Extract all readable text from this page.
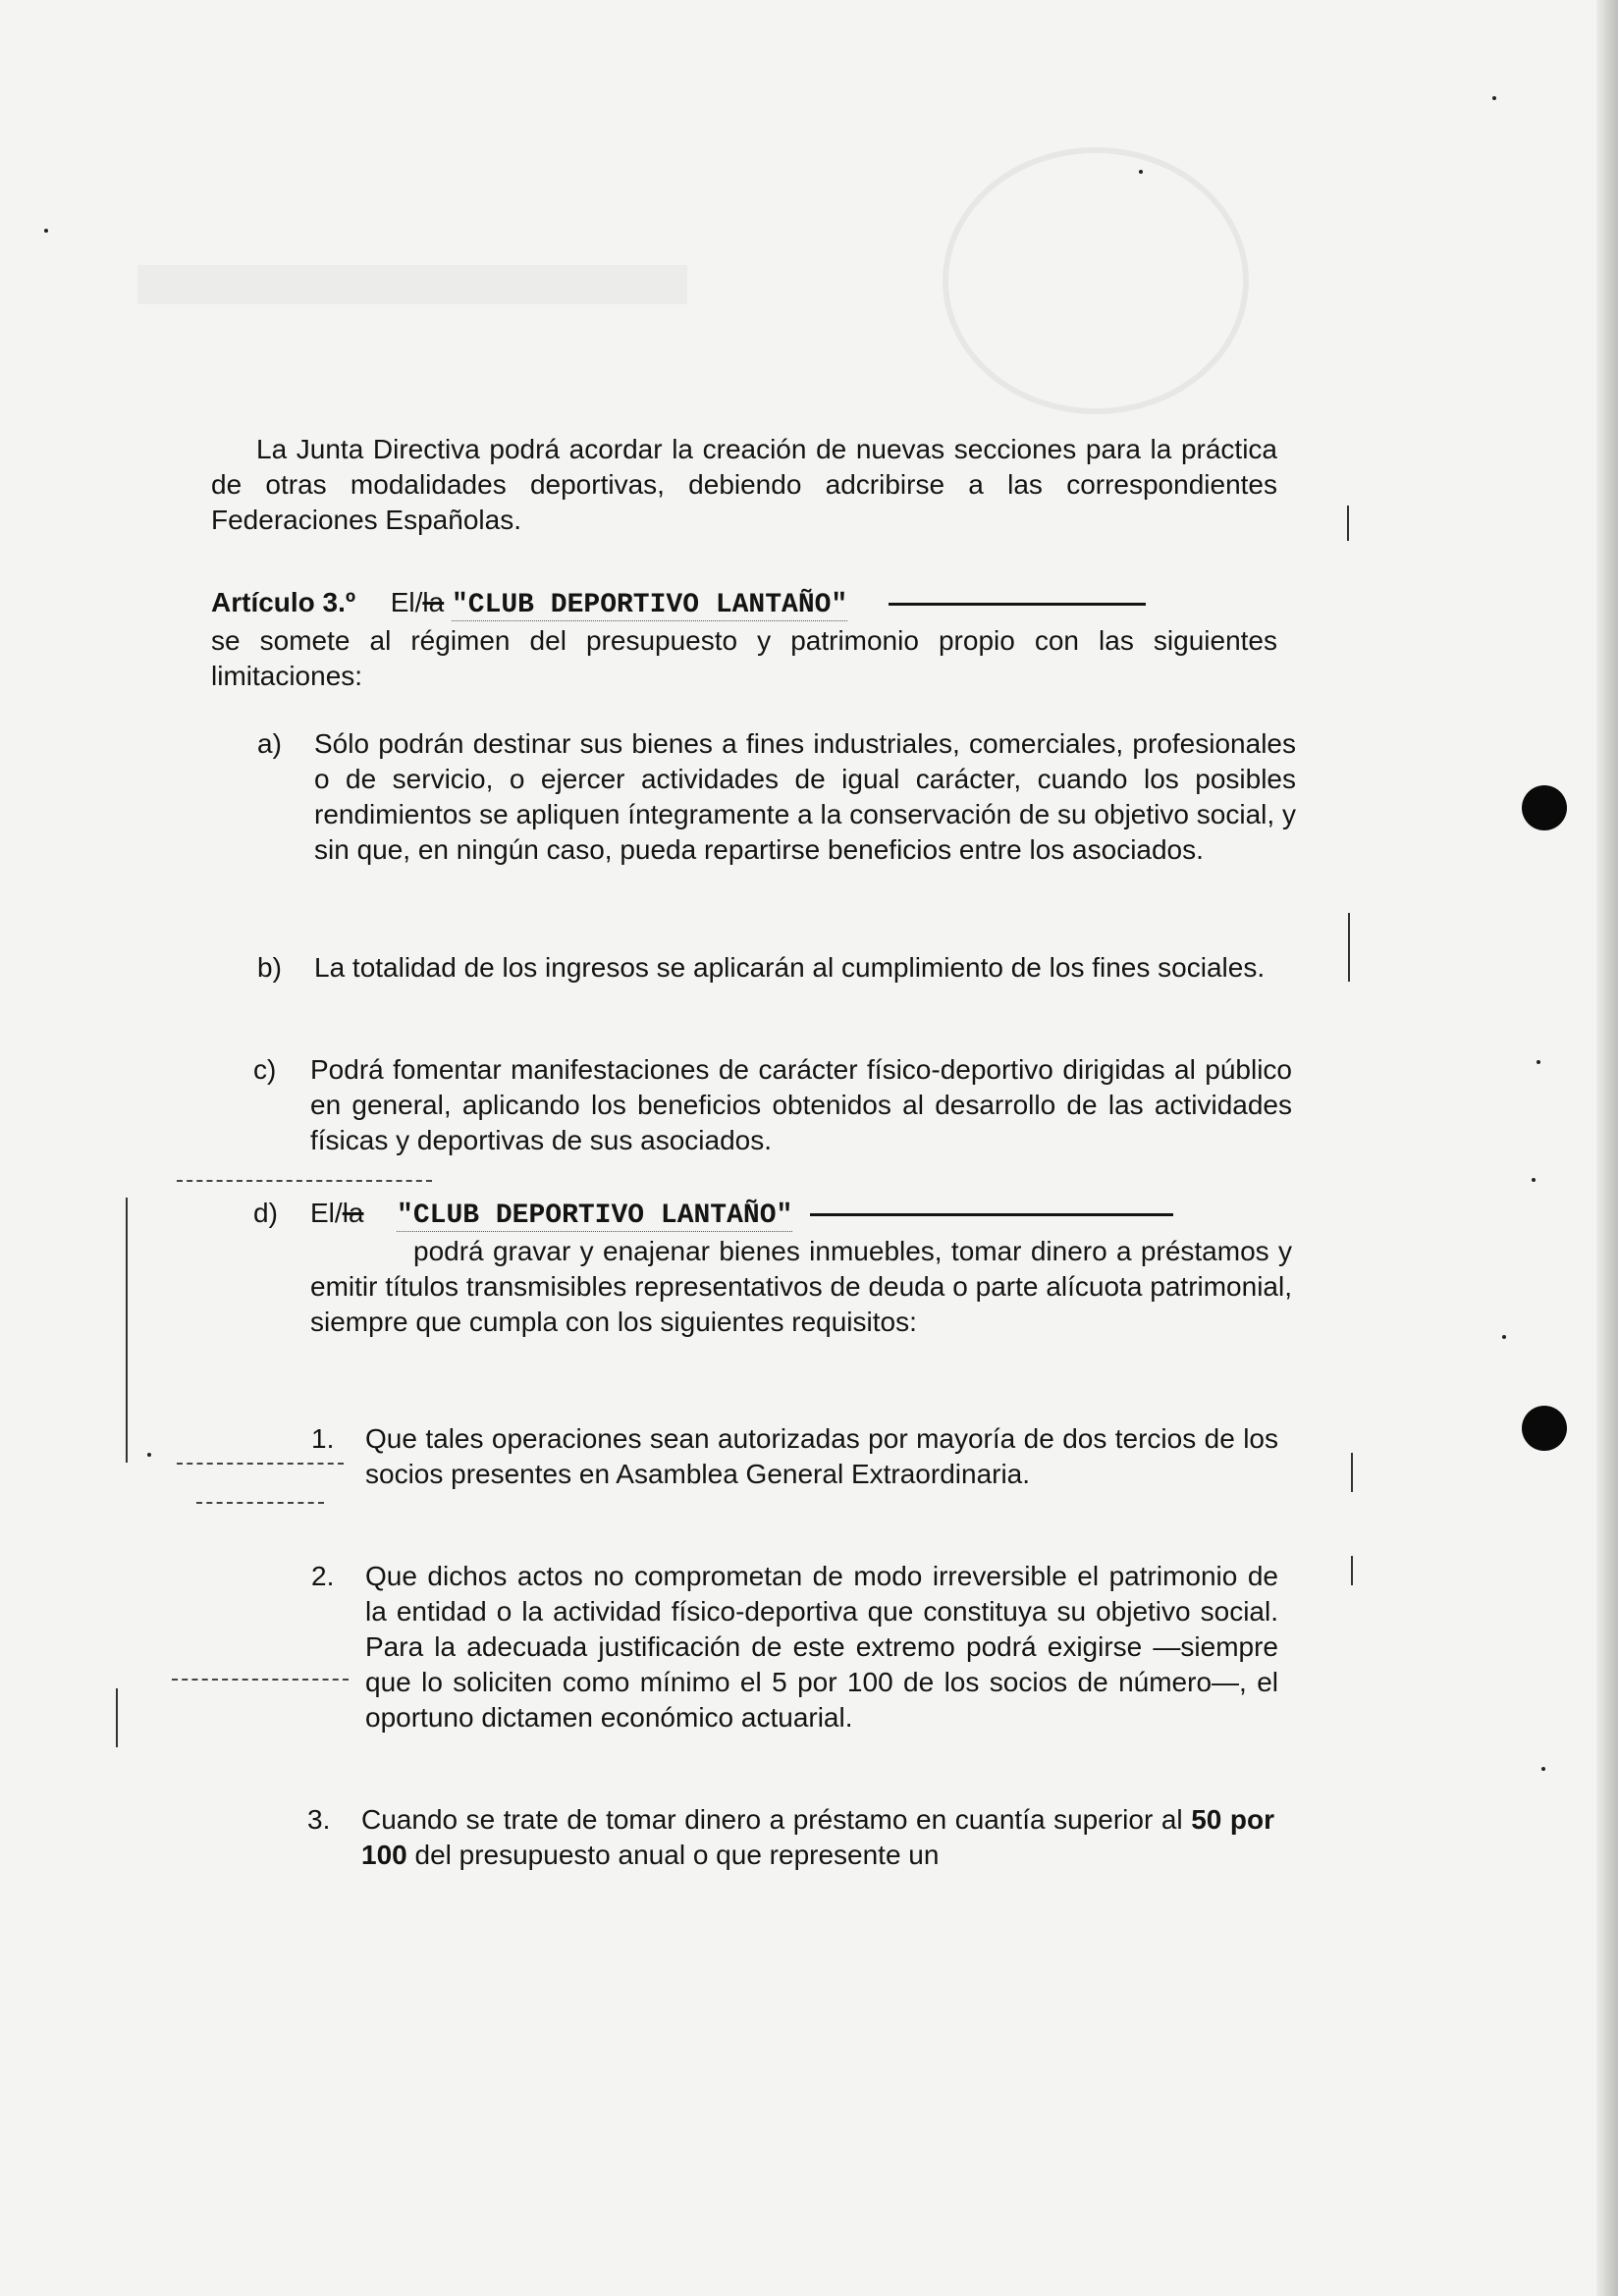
La Junta Directiva podrá acordar la creación de nuevas secciones para la práctica de otras modalidades deportivas, debiendo adcribirse a las correspondientes Federaciones Españolas.
Artículo 3.º El/la "CLUB DEPORTIVO LANTAÑO"
se somete al régimen del presupuesto y patrimonio propio con las siguientes limitaciones:
a) Sólo podrán destinar sus bienes a fines industriales, comerciales, profesionales o de servicio, o ejercer actividades de igual carácter, cuando los posibles rendimientos se apliquen íntegramente a la conservación de su objetivo social, y sin que, en ningún caso, pueda repartirse beneficios entre los asociados.
b) La totalidad de los ingresos se aplicarán al cumplimiento de los fines sociales.
c) Podrá fomentar manifestaciones de carácter físico-deportivo dirigidas al público en general, aplicando los beneficios obtenidos al desarrollo de las actividades físicas y deportivas de sus asociados.
d) El/la "CLUB DEPORTIVO LANTAÑO"
podrá gravar y enajenar bienes inmuebles, tomar dinero a préstamos y emitir títulos transmisibles representativos de deuda o parte alícuota patrimonial, siempre que cumpla con los siguientes requisitos:
1. Que tales operaciones sean autorizadas por mayoría de dos tercios de los socios presentes en Asamblea General Extraordinaria.
2. Que dichos actos no comprometan de modo irreversible el patrimonio de la entidad o la actividad físico-deportiva que constituya su objetivo social. Para la adecuada justificación de este extremo podrá exigirse —siempre que lo soliciten como mínimo el 5 por 100 de los socios de número—, el oportuno dictamen económico actuarial.
3. Cuando se trate de tomar dinero a préstamo en cuantía superior al 50 por 100 del presupuesto anual o que represente un
